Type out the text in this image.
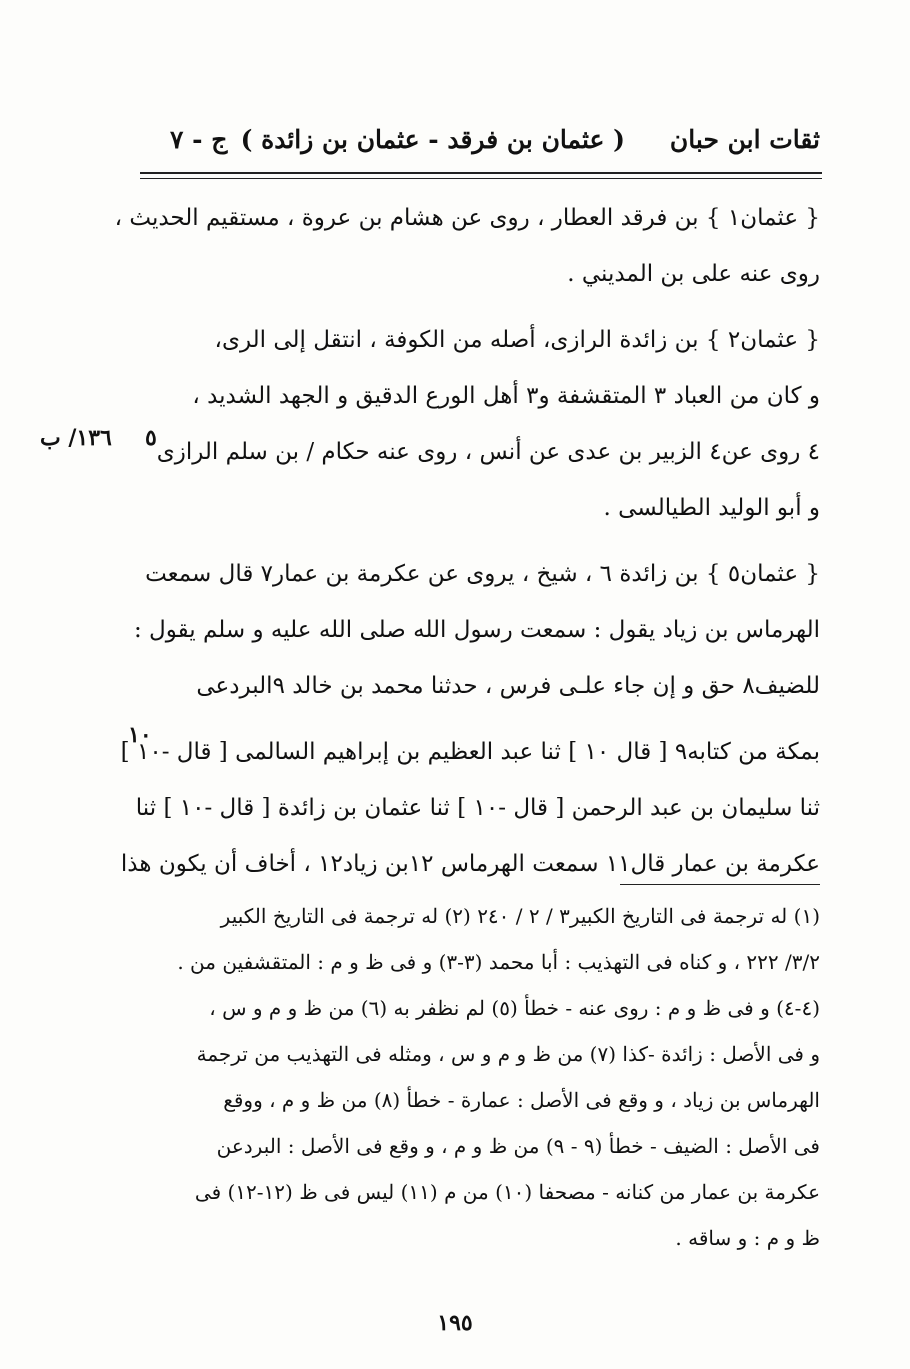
ثقات ابن حبان
( عثمان بن فرقد - عثمان بن زائدة )
ج - ٧
{ عثمان١ } بن فرقد العطار ، روى عن هشام بن عروة ، مستقيم الحديث ،
روى عنه على بن المديني .
{ عثمان٢ } بن زائدة الرازى، أصله من الكوفة ، انتقل إلى الرى،
و كان من العباد ٣ المتقشفة و٣ أهل الورع الدقيق و الجهد الشديد ،
٤ روى عن٤ الزبير بن عدى عن أنس ، روى عنه حكام / بن سلم الرازى
و أبو الوليد الطيالسى .
{ عثمان٥ } بن زائدة ٦ ، شيخ ، يروى عن عكرمة بن عمار٧ قال سمعت
الهرماس بن زياد يقول : سمعت رسول الله صلى الله عليه و سلم يقول :
للضيف٨ حق و إن جاء علـى فرس ، حدثنا محمد بن خالد ٩البردعى
بمكة من كتابه٩ [ قال ١٠ ] ثنا عبد العظيم بن إبراهيم السالمى [ قال -١٠ ]
ثنا سليمان بن عبد الرحمن [ قال -١٠ ] ثنا عثمان بن زائدة [ قال -١٠ ] ثنا
عكرمة بن عمار قال١١ سمعت الهرماس ١٢بن زياد١٢ ، أخاف أن يكون هذا
٥
١٣٦/ ب
١٠
(١) له ترجمة فى التاريخ الكبير٣ / ٢ / ٢٤٠ (٢) له ترجمة فى التاريخ الكبير
٣/٢/ ٢٢٢ ، و كناه فى التهذيب : أبا محمد (٣-٣) و فى ظ و م : المتقشفين من .
(٤-٤) و فى ظ و م : روى عنه - خطأ (٥) لم نظفر به (٦) من ظ و م و س ،
و فى الأصل : زائدة -كذا (٧) من ظ و م و س ، ومثله فى التهذيب من ترجمة
الهرماس بن زياد ، و وقع فى الأصل : عمارة - خطأ (٨) من ظ و م ، ووقع
فى الأصل : الضيف - خطأ (٩ - ٩) من ظ و م ، و وقع فى الأصل : البردعن
عكرمة بن عمار من كنانه - مصحفا (١٠) من م (١١) ليس فى ظ (١٢-١٢) فى
ظ و م : و ساقه .
١٩٥
